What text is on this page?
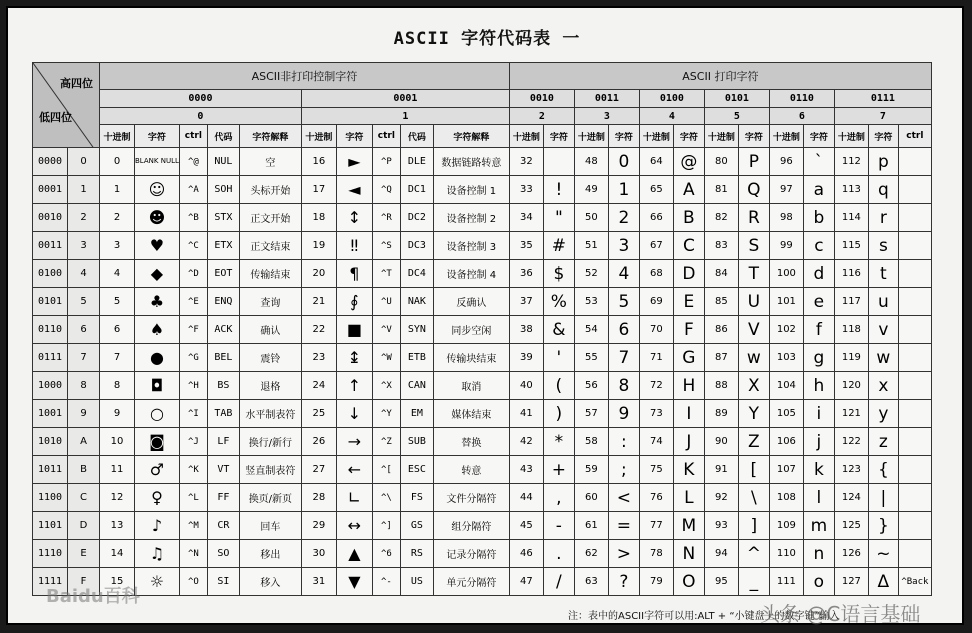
ASCII 字符代码表 一
高四位
低四位		ASCII非打印控制字符										ASCII 打印字符												
		0000					0001					0010		0011		0100		0101		0110		0111		
		0					1					2		3		4		5		6		7		
		十进制	字符	ctrl	代码	字符解释	十进制	字符	ctrl	代码	字符解释	十进制	字符	十进制	字符	十进制	字符	十进制	字符	十进制	字符	十进制	字符	ctrl
0000	0	0	BLANK NULL	^@	NUL	空	16	►	^P	DLE	数据链路转意	32		48	0	64	@	80	P	96	`	112	p	
0001	1	1	☺	^A	SOH	头标开始	17	◄	^Q	DC1	设备控制 1	33	!	49	1	65	A	81	Q	97	a	113	q	
0010	2	2	☻	^B	STX	正文开始	18	↕	^R	DC2	设备控制 2	34	"	50	2	66	B	82	R	98	b	114	r	
0011	3	3	♥	^C	ETX	正文结束	19	‼	^S	DC3	设备控制 3	35	#	51	3	67	C	83	S	99	c	115	s	
0100	4	4	◆	^D	EOT	传输结束	20	¶	^T	DC4	设备控制 4	36	$	52	4	68	D	84	T	100	d	116	t	
0101	5	5	♣	^E	ENQ	查询	21	∮	^U	NAK	反确认	37	%	53	5	69	E	85	U	101	e	117	u	
0110	6	6	♠	^F	ACK	确认	22	■	^V	SYN	同步空闲	38	&	54	6	70	F	86	V	102	f	118	v	
0111	7	7	●	^G	BEL	震铃	23	↨	^W	ETB	传输块结束	39	'	55	7	71	G	87	w	103	g	119	w	
1000	8	8	◘	^H	BS	退格	24	↑	^X	CAN	取消	40	(	56	8	72	H	88	X	104	h	120	x	
1001	9	9	○	^I	TAB	水平制表符	25	↓	^Y	EM	媒体结束	41	)	57	9	73	I	89	Y	105	i	121	y	
1010	A	10	◙	^J	LF	换行/新行	26	→	^Z	SUB	替换	42	*	58	:	74	J	90	Z	106	j	122	z	
1011	B	11	♂	^K	VT	竖直制表符	27	←	^[	ESC	转意	43	+	59	;	75	K	91	[	107	k	123	{	
1100	C	12	♀	^L	FF	换页/新页	28	∟	^\	FS	文件分隔符	44	,	60	<	76	L	92	\	108	l	124	|	
1101	D	13	♪	^M	CR	回车	29	↔	^]	GS	组分隔符	45	-	61	=	77	M	93	]	109	m	125	}	
1110	E	14	♫	^N	SO	移出	30	▲	^6	RS	记录分隔符	46	.	62	>	78	N	94	^	110	n	126	~	
1111	F	15	☼	^O	SI	移入	31	▼	^-	US	单元分隔符	47	/	63	?	79	O	95	_	111	o	127	Δ	^Back
注：表中的ASCII字符可以用:ALT + “小键盘上的数字键”输入
Baidu百科
头条 @C语言基础
